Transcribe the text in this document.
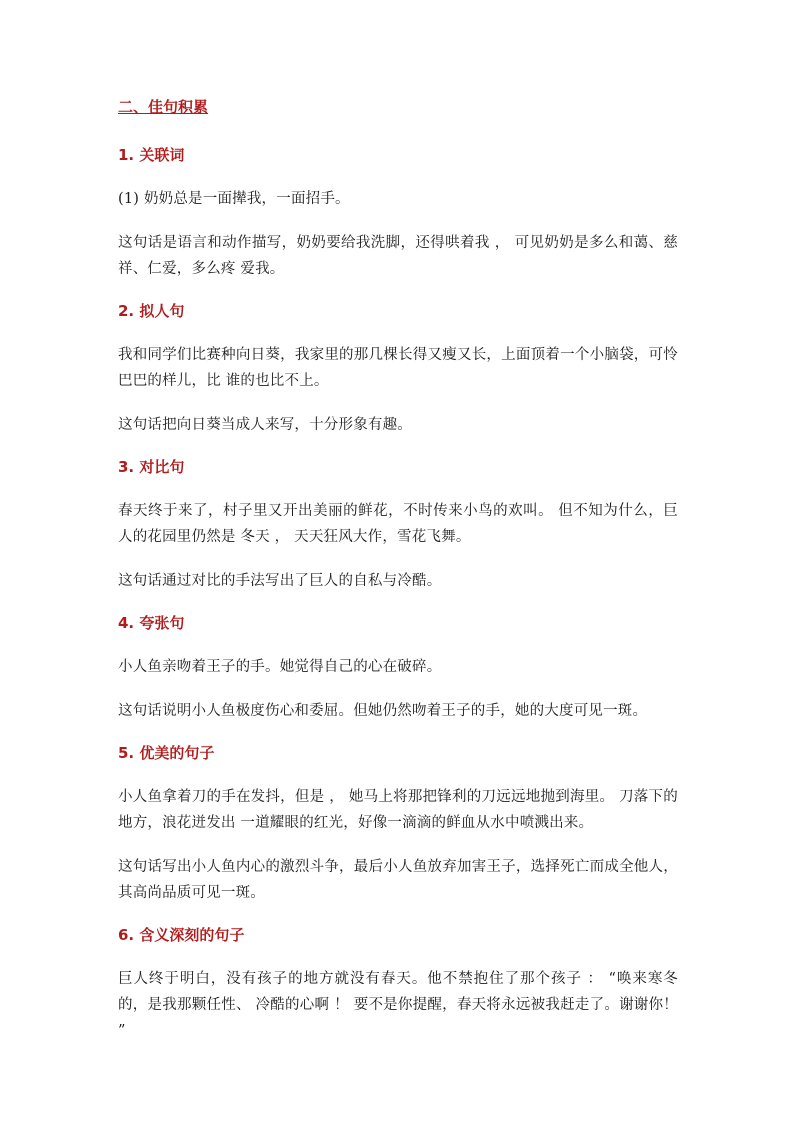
二、佳句积累
1. 关联词

(1) 奶奶总是一面撵我，一面招手。

这句话是语言和动作描写，奶奶要给我洗脚，还得哄着我 ， 可见奶奶是多么和蔼、慈祥、仁爱，多么疼 爱我。

2. 拟人句

我和同学们比赛种向日葵，我家里的那几棵长得又瘦又长，上面顶着一个小脑袋，可怜巴巴的样儿，比 谁的也比不上。

这句话把向日葵当成人来写，十分形象有趣。

3. 对比句

春天终于来了，村子里又开出美丽的鲜花，不时传来小鸟的欢叫。 但不知为什么，巨人的花园里仍然是 冬天 ， 天天狂风大作，雪花飞舞。

这句话通过对比的手法写出了巨人的自私与冷酷。

4. 夸张句

小人鱼亲吻着王子的手。她觉得自己的心在破碎。

这句话说明小人鱼极度伤心和委屈。但她仍然吻着王子的手，她的大度可见一斑。

5. 优美的句子

小人鱼拿着刀的手在发抖，但是 ， 她马上将那把锋利的刀远远地抛到海里。 刀落下的地方，浪花迸发出 一道耀眼的红光，好像一滴滴的鲜血从水中喷溅出来。

这句话写出小人鱼内心的激烈斗争，最后小人鱼放弃加害王子，选择死亡而成全他人，其高尚品质可见一斑。

6. 含义深刻的句子

巨人终于明白，没有孩子的地方就没有春天。他不禁抱住了那个孩子 ： “唤来寒冬的，是我那颗任性、 冷酷的心啊 ！ 要不是你提醒，春天将永远被我赶走了。谢谢你！ ”
